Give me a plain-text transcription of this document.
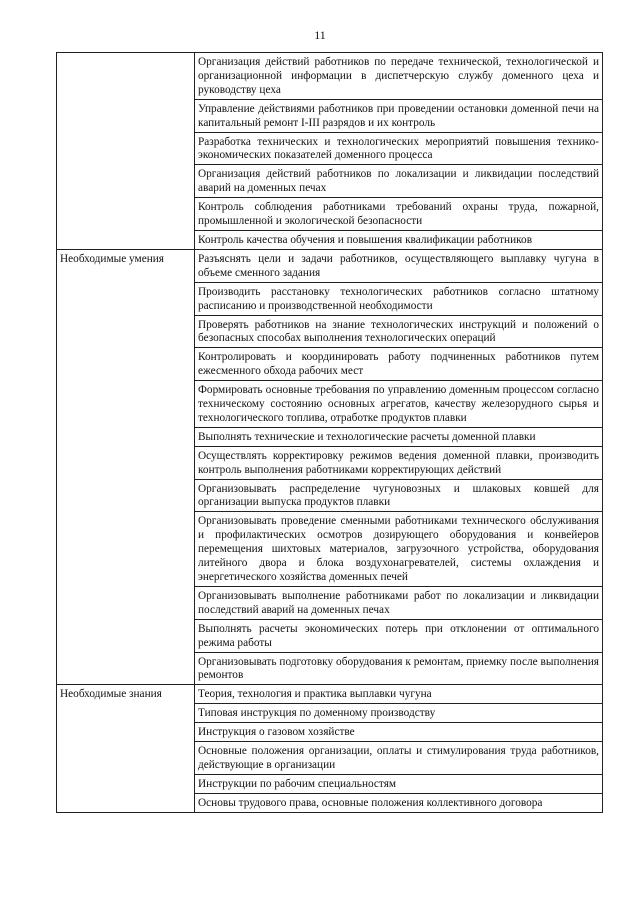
11
	Организация действий работников по передаче технической, технологической и организационной информации в диспетчерскую службу доменного цеха и руководству цеха
	Управление действиями работников при проведении остановки доменной печи на капитальный ремонт I-III разрядов и их контроль
	Разработка технических и технологических мероприятий повышения технико-экономических показателей доменного процесса
	Организация действий работников по локализации и ликвидации последствий аварий на доменных печах
	Контроль соблюдения работниками требований охраны труда, пожарной, промышленной и экологической безопасности
	Контроль качества обучения и повышения квалификации работников
Необходимые умения	Разъяснять цели и задачи работников, осуществляющего выплавку чугуна в объеме сменного задания
	Производить расстановку технологических работников согласно штатному расписанию и производственной необходимости
	Проверять работников на знание технологических инструкций и положений о безопасных способах выполнения технологических операций
	Контролировать и координировать работу подчиненных работников путем ежесменного обхода рабочих мест
	Формировать основные требования по управлению доменным процессом согласно техническому состоянию основных агрегатов, качеству железорудного сырья и технологического топлива, отработке продуктов плавки
	Выполнять технические и технологические расчеты доменной плавки
	Осуществлять корректировку режимов ведения доменной плавки, производить контроль выполнения работниками корректирующих действий
	Организовывать распределение чугуновозных и шлаковых ковшей для организации выпуска продуктов плавки
	Организовывать проведение сменными работниками технического обслуживания и профилактических осмотров дозирующего оборудования и конвейеров перемещения шихтовых материалов, загрузочного устройства, оборудования литейного двора и блока воздухонагревателей, системы охлаждения и энергетического хозяйства доменных печей
	Организовывать выполнение работниками работ по локализации и ликвидации последствий аварий на доменных печах
	Выполнять расчеты экономических потерь при отклонении от оптимального режима работы
	Организовывать подготовку оборудования к ремонтам, приемку после выполнения ремонтов
Необходимые знания	Теория, технология и практика выплавки чугуна
	Типовая инструкция по доменному производству
	Инструкция о газовом хозяйстве
	Основные положения организации, оплаты и стимулирования труда работников, действующие в организации
	Инструкции по рабочим специальностям
	Основы трудового права, основные положения коллективного договора
